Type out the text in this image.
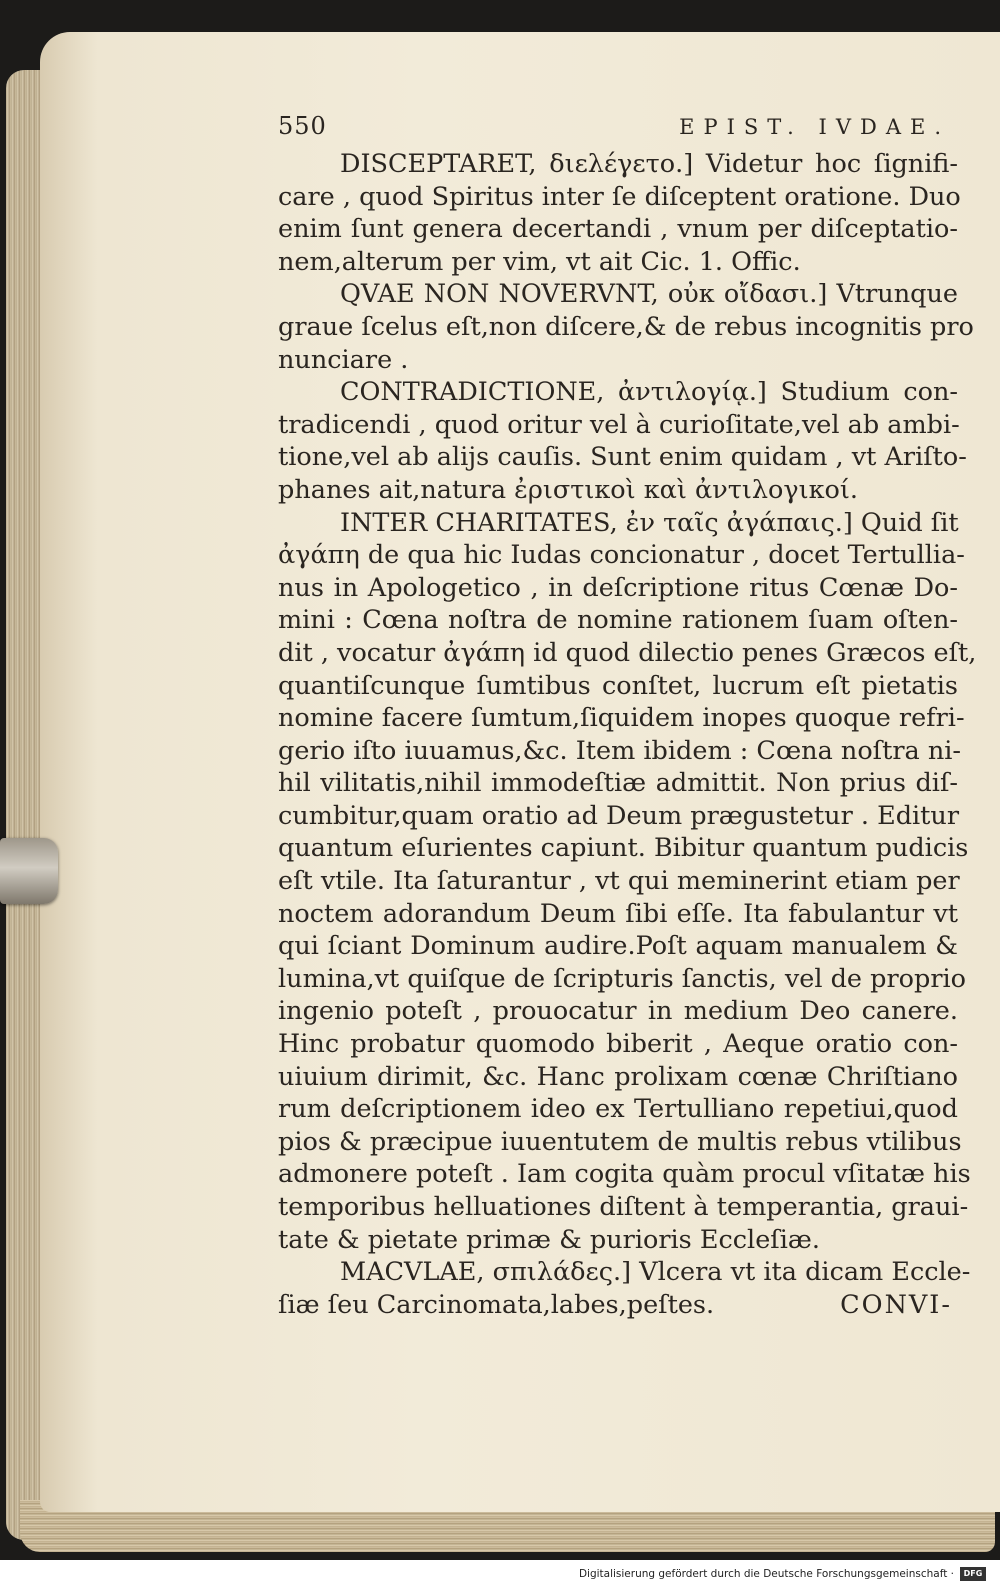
550	EPIST. IVDAE.
DISCEPTARET, διελέγετο.] Videtur hoc ſignifi-
care , quod Spiritus inter ſe diſceptent oratione. Duo
enim ſunt genera decertandi , vnum per diſceptatio-
nem,alterum per vim, vt ait Cic. 1. Offic.
QVAE NON NOVERVNT, οὐκ οἴδασι.] Vtrunque
graue ſcelus eſt,non diſcere,& de rebus incognitis pro
nunciare .
CONTRADICTIONE, ἀντιλογίᾳ.] Studium con-
tradicendi , quod oritur vel à curioſitate,vel ab ambi-
tione,vel ab alijs cauſis. Sunt enim quidam , vt Ariſto-
phanes ait,natura ἐριστικοὶ καὶ ἀντιλογικοί.
INTER CHARITATES, ἐν ταῖς ἀγάπαις.] Quid ſit
ἀγάπη de qua hic Iudas concionatur , docet Tertullia-
nus in Apologetico , in deſcriptione ritus Cœnæ Do-
mini : Cœna noſtra de nomine rationem ſuam oſten-
dit , vocatur ἀγάπη id quod dilectio penes Græcos eſt,
quantiſcunque ſumtibus conſtet, lucrum eſt pietatis
nomine facere ſumtum,ſiquidem inopes quoque refri-
gerio iſto iuuamus,&c. Item ibidem : Cœna noſtra ni-
hil vilitatis,nihil immodeſtiæ admittit. Non prius diſ-
cumbitur,quam oratio ad Deum prægustetur . Editur
quantum eſurientes capiunt. Bibitur quantum pudicis
eſt vtile. Ita ſaturantur , vt qui meminerint etiam per
noctem adorandum Deum ſibi eſſe. Ita fabulantur vt
qui ſciant Dominum audire.Poſt aquam manualem &
lumina,vt quiſque de ſcripturis ſanctis, vel de proprio
ingenio poteſt , prouocatur in medium Deo canere.
Hinc probatur quomodo biberit , Aeque oratio con-
uiuium dirimit, &c. Hanc prolixam cœnæ Chriſtiano
rum deſcriptionem ideo ex Tertulliano repetiui,quod
pios & præcipue iuuentutem de multis rebus vtilibus
admonere poteſt . Iam cogita quàm procul vſitatæ his
temporibus helluationes diſtent à temperantia, graui-
tate & pietate primæ & purioris Eccleſiæ.
MACVLAE, σπιλάδες.] Vlcera vt ita dicam Eccle-
ſiæ ſeu Carcinomata,labes,peſtes.	CONVI-
Digitalisierung gefördert durch die Deutsche Forschungsgemeinschaft ·	DFG
